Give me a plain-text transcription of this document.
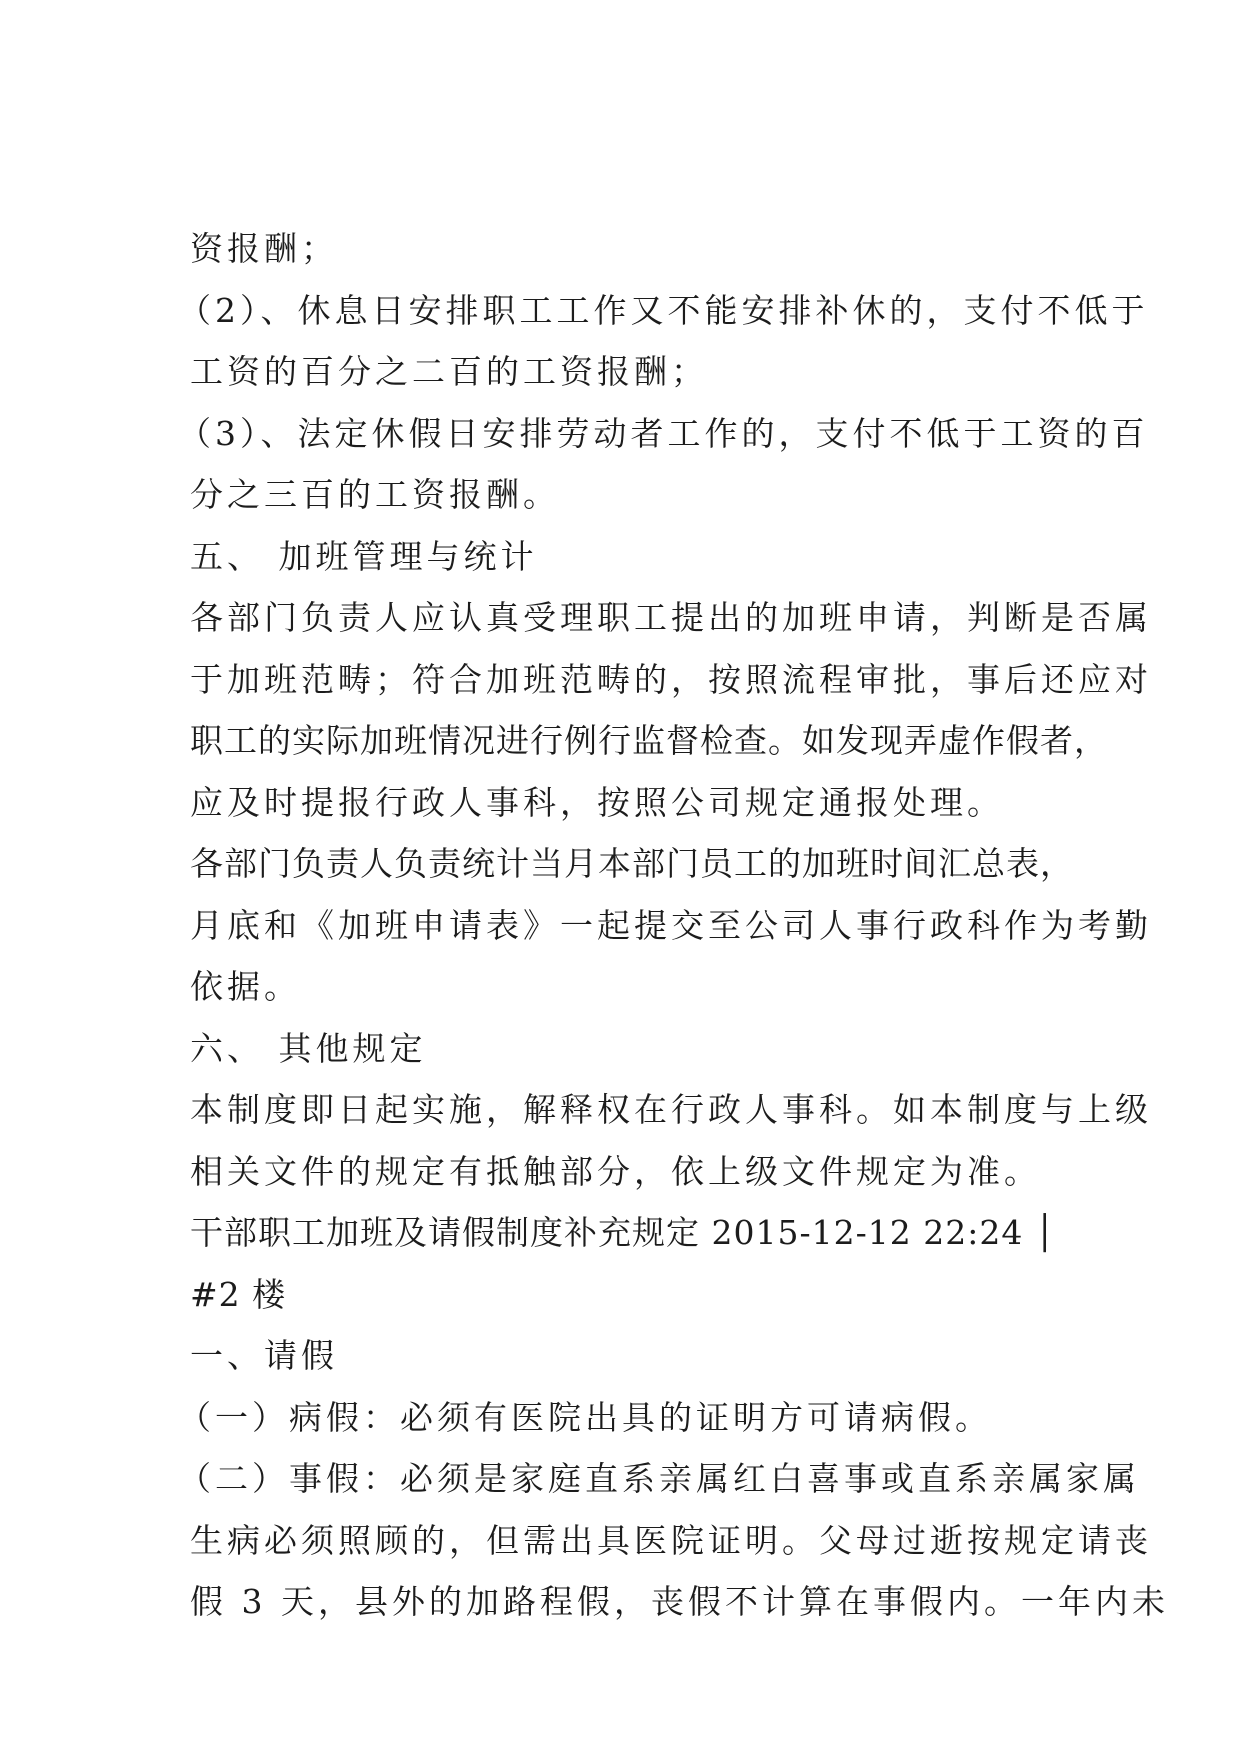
资报酬；
（2）、休息日安排职工工作又不能安排补休的，支付不低于
工资的百分之二百的工资报酬；
（3）、法定休假日安排劳动者工作的，支付不低于工资的百
分之三百的工资报酬。
五、 加班管理与统计
各部门负责人应认真受理职工提出的加班申请，判断是否属
于加班范畴；符合加班范畴的，按照流程审批，事后还应对
职工的实际加班情况进行例行监督检查。如发现弄虚作假者，
应及时提报行政人事科，按照公司规定通报处理。
各部门负责人负责统计当月本部门员工的加班时间汇总表，
月底和《加班申请表》一起提交至公司人事行政科作为考勤
依据。
六、 其他规定
本制度即日起实施，解释权在行政人事科。如本制度与上级
相关文件的规定有抵触部分，依上级文件规定为准。
干部职工加班及请假制度补充规定 2015-12-12 22:24 │
#2 楼
一、请假
（一）病假：必须有医院出具的证明方可请病假。
（二）事假：必须是家庭直系亲属红白喜事或直系亲属家属
生病必须照顾的，但需出具医院证明。父母过逝按规定请丧
假 3 天，县外的加路程假，丧假不计算在事假内。一年内未
